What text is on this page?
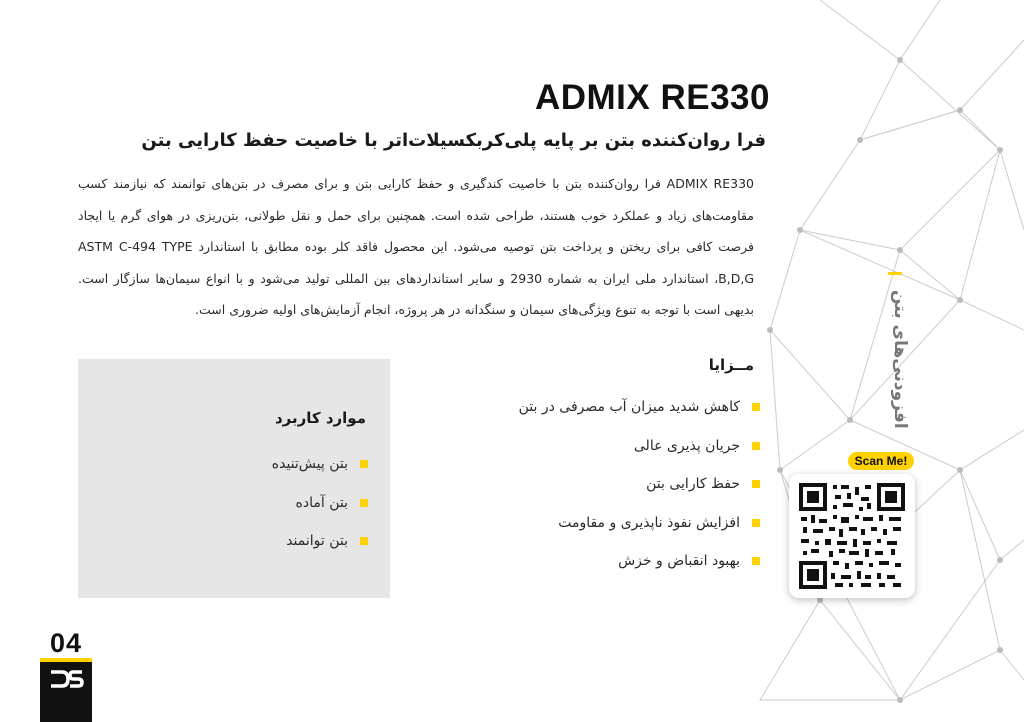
ADMIX RE330
فرا روان‌کننده بتن بر پایه پلی‌کربکسیلات‌اتر با خاصیت حفظ کارایی بتن
ADMIX RE330 فرا روان‌کننده بتن با خاصیت کندگیری و حفظ کارایی بتن و برای مصرف در بتن‌های توانمند که نیازمند کسب مقاومت‌های زیاد و عملکرد خوب هستند، طراحی شده است. همچنین برای حمل و نقل طولانی، بتن‌ریزی در هوای گرم یا ایجاد فرصت کافی برای ریختن و پرداخت بتن توصیه می‌شود. این محصول فاقد کلر بوده مطابق با استاندارد ASTM C-494 TYPE B,D,G، استاندارد ملی ایران به شماره 2930 و سایر استانداردهای بین المللی تولید می‌شود و با انواع سیمان‌ها سازگار است. بدیهی است با توجه به تنوع ویژگی‌های سیمان و سنگدانه در هر پروژه، انجام آزمایش‌های اولیه ضروری است.
مــزایا
کاهش شدید میزان آب مصرفی در بتن
جریان پذیری عالی
حفظ کارایی بتن
افزایش نفوذ ناپذیری و مقاومت
بهبود انقباض و خزش
موارد کاربرد
بتن پیش‌تنیده
بتن آماده
بتن توانمند
افزودنی‌های بتن
Scan Me!
04
